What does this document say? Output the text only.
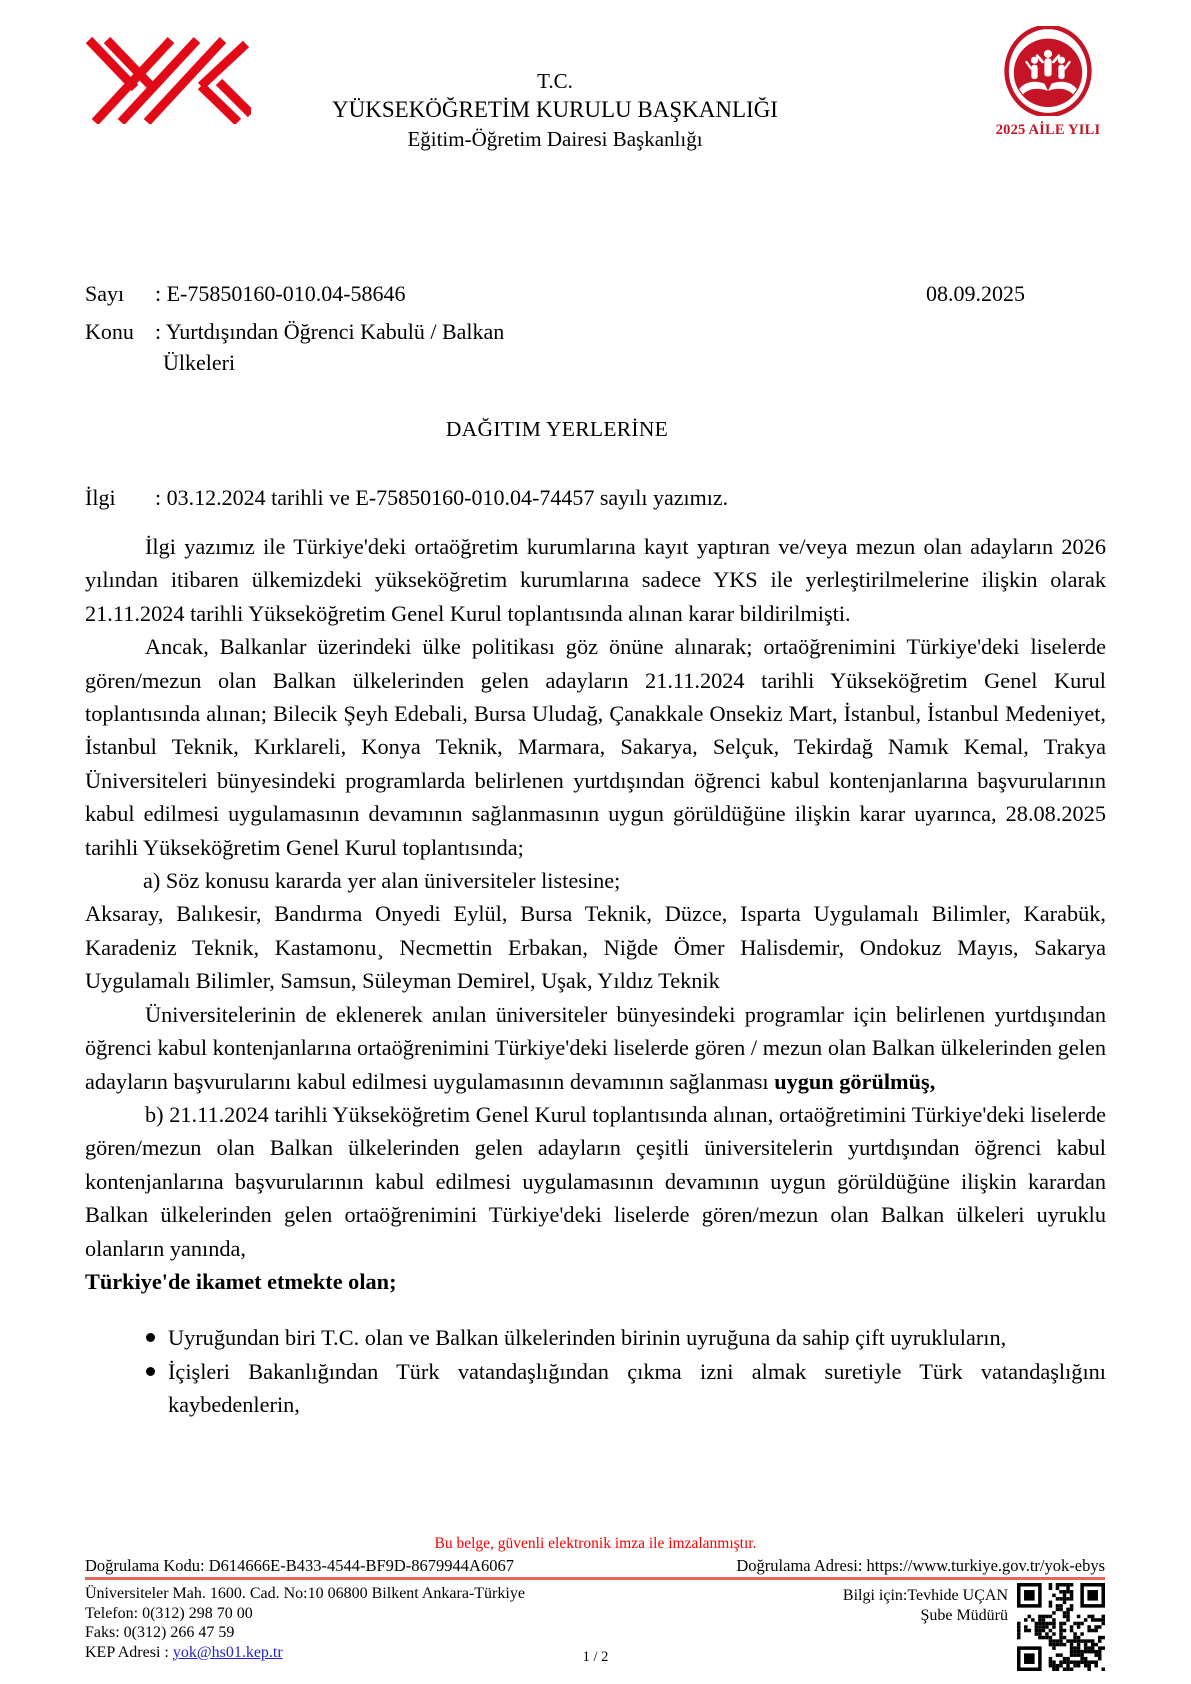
T.C.
YÜKSEKÖĞRETİM KURULU BAŞKANLIĞI
Eğitim-Öğretim Dairesi Başkanlığı	2025 AİLE YILI
Sayı	: E-75850160-010.04-58646	08.09.2025
Konu : Yurtdışından Öğrenci Kabulü / Balkan
Ülkeleri
DAĞITIM YERLERİNE
İlgi	: 03.12.2024 tarihli ve E-75850160-010.04-74457 sayılı yazımız.

İlgi yazımız ile Türkiye'deki ortaöğretim kurumlarına kayıt yaptıran ve/veya mezun olan adayların 2026 yılından itibaren ülkemizdeki yükseköğretim kurumlarına sadece YKS ile yerleştirilmelerine ilişkin olarak 21.11.2024 tarihli Yükseköğretim Genel Kurul toplantısında alınan karar bildirilmişti.

Ancak, Balkanlar üzerindeki ülke politikası göz önüne alınarak; ortaöğrenimini Türkiye'deki liselerde gören/mezun olan Balkan ülkelerinden gelen adayların 21.11.2024 tarihli Yükseköğretim Genel Kurul toplantısında alınan; Bilecik Şeyh Edebali, Bursa Uludağ, Çanakkale Onsekiz Mart, İstanbul, İstanbul Medeniyet, İstanbul Teknik, Kırklareli, Konya Teknik, Marmara, Sakarya, Selçuk, Tekirdağ Namık Kemal, Trakya Üniversiteleri bünyesindeki programlarda belirlenen yurtdışından öğrenci kabul kontenjanlarına başvurularının kabul edilmesi uygulamasının devamının sağlanmasının uygun görüldüğüne ilişkin karar uyarınca, 28.08.2025 tarihli Yükseköğretim Genel Kurul toplantısında;

a) Söz konusu kararda yer alan üniversiteler listesine;

Aksaray, Balıkesir, Bandırma Onyedi Eylül, Bursa Teknik, Düzce, Isparta Uygulamalı Bilimler, Karabük, Karadeniz Teknik, Kastamonu¸ Necmettin Erbakan, Niğde Ömer Halisdemir, Ondokuz Mayıs, Sakarya Uygulamalı Bilimler, Samsun, Süleyman Demirel, Uşak, Yıldız Teknik

Üniversitelerinin de eklenerek anılan üniversiteler bünyesindeki programlar için belirlenen yurtdışından öğrenci kabul kontenjanlarına ortaöğrenimini Türkiye'deki liselerde gören / mezun olan Balkan ülkelerinden gelen adayların başvurularını kabul edilmesi uygulamasının devamının sağlanması uygun görülmüş,

b) 21.11.2024 tarihli Yükseköğretim Genel Kurul toplantısında alınan, ortaöğretimini Türkiye'deki liselerde gören/mezun olan Balkan ülkelerinden gelen adayların çeşitli üniversitelerin yurtdışından öğrenci kabul kontenjanlarına başvurularının kabul edilmesi uygulamasının devamının uygun görüldüğüne ilişkin karardan Balkan ülkelerinden gelen ortaöğrenimini Türkiye'deki liselerde gören/mezun olan Balkan ülkeleri uyruklu olanların yanında,

Türkiye'de ikamet etmekte olan;

Uyruğundan biri T.C. olan ve Balkan ülkelerinden birinin uyruğuna da sahip çift uyrukluların,
İçişleri Bakanlığından Türk vatandaşlığından çıkma izni almak suretiyle Türk vatandaşlığını kaybedenlerin,
Bu belge, güvenli elektronik imza ile imzalanmıştır.
Doğrulama Kodu: D614666E-B433-4544-BF9D-8679944A6067	Doğrulama Adresi: https://www.turkiye.gov.tr/yok-ebys
Üniversiteler Mah. 1600. Cad. No:10 06800 Bilkent Ankara-Türkiye
Telefon: 0(312) 298 70 00
Faks: 0(312) 266 47 59
KEP Adresi : yok@hs01.kep.tr
Bilgi için:Tevhide UÇAN
Şube Müdürü
1 / 2
